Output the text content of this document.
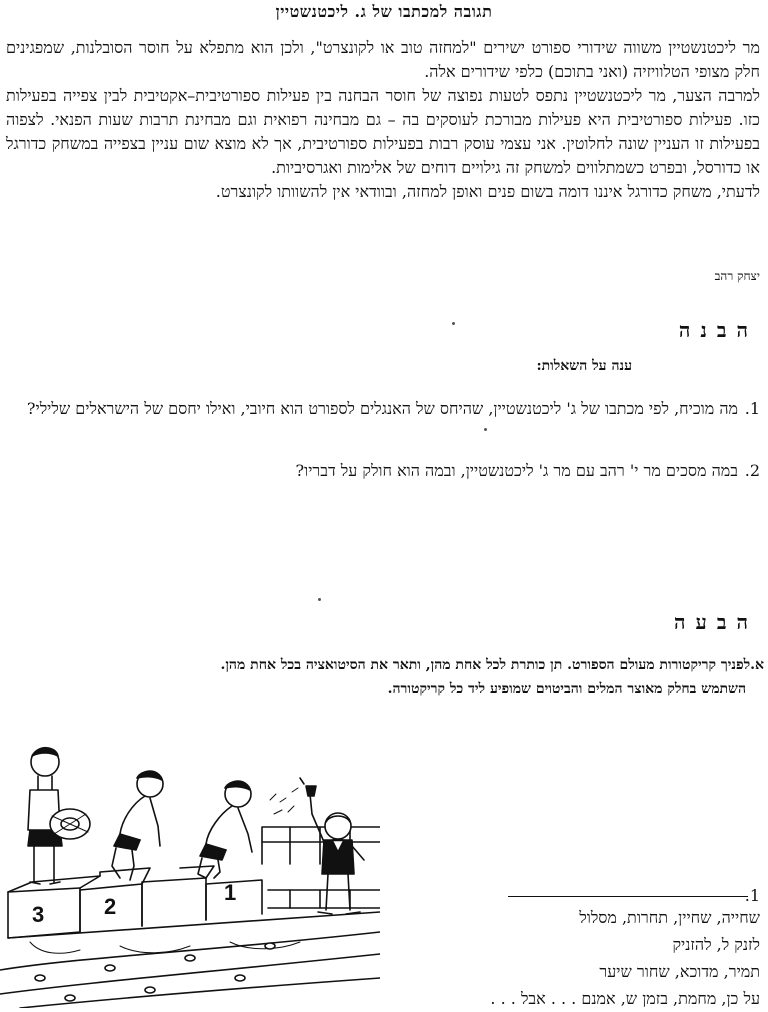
תגובה למכתבו של ג. ליכטנשטיין

מר ליכטנשטיין משווה שידורי ספורט ישירים "למחזה טוב או לקונצרט", ולכן הוא מתפלא על חוסר הסובלנות, שמפגינים חלק מצופי הטלוויזיה (ואני בתוכם) כלפי שידורים אלה.

למרבה הצער, מר ליכטנשטיין נתפס לטעות נפוצה של חוסר הבחנה בין פעילות ספורטיבית–אקטיבית לבין צפייה בפעילות כזו. פעילות ספורטיבית היא פעילות מבורכת לעוסקים בה – גם מבחינה רפואית וגם מבחינת תרבות שעות הפנאי. לצפוה בפעילות זו העניין שונה לחלוטין. אני עצמי עוסק רבות בפעילות ספורטיבית, אך לא מוצא שום עניין בצפייה במשחק כדורגל או כדורסל, ובפרט כשמתלווים למשחק זה גילויים דוחים של אלימות ואגרסיביות.

לדעתי, משחק כדורגל איננו דומה בשום פנים ואופן למחזה, ובוודאי אין להשוותו לקונצרט.

יצחק רהב
הבנה
ענה על השאלות:
1.מה מוכיח, לפי מכתבו של ג' ליכטנשטיין, שהיחס של האנגלים לספורט הוא חיובי, ואילו יחסם של הישראלים שלילי?
2.במה מסכים מר י' רהב עם מר ג' ליכטנשטיין, ובמה הוא חולק על דבריו?
הבעה
א.לפניך קריקטורות מעולם הספורט. תן כותרת לכל אחת מהן, ותאר את הסיטואציה בכל אחת מהן.
השתמש בחלק מאוצר המלים והביטוים שמופיע ליד כל קריקטורה.
1
2
3
1.
שחייה, שחיין, תחרות, מסלול
לזנק ל, להזניק
תמיר, מדוכא, שחור שיער
על כן, מחמת, בזמן ש, אמנם . . . אבל . . .
